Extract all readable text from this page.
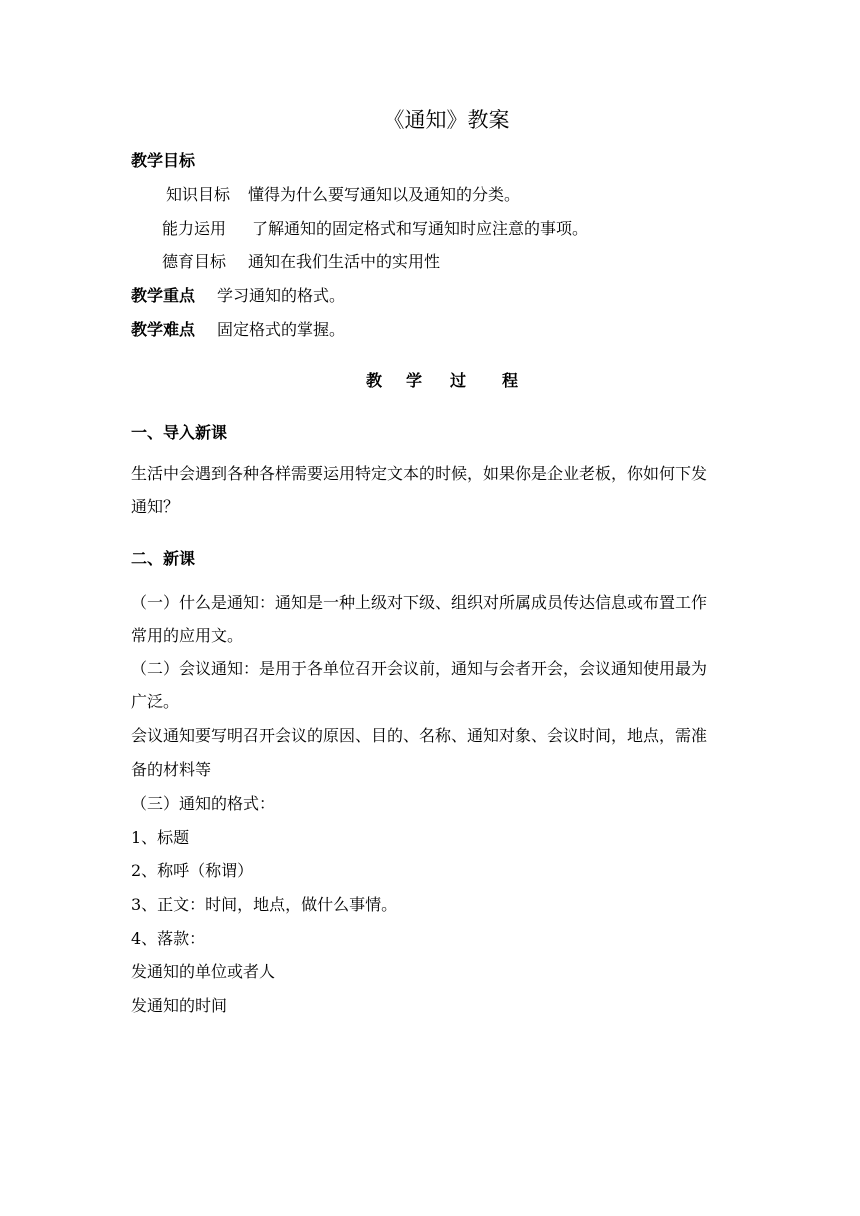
《通知》教案
教学目标
知识目标 懂得为什么要写通知以及通知的分类。
能力运用 了解通知的固定格式和写通知时应注意的事项。
德育目标 通知在我们生活中的实用性
教学重点 学习通知的格式。
教学难点 固定格式的掌握。
教 学 过 程
一、导入新课
生活中会遇到各种各样需要运用特定文本的时候，如果你是企业老板，你如何下发
通知？
二、新课
（一）什么是通知：通知是一种上级对下级、组织对所属成员传达信息或布置工作
常用的应用文。
（二）会议通知：是用于各单位召开会议前，通知与会者开会，会议通知使用最为
广泛。
会议通知要写明召开会议的原因、目的、名称、通知对象、会议时间，地点，需准
备的材料等
（三）通知的格式：
1、标题
2、称呼（称谓）
3、正文：时间，地点，做什么事情。
4、落款：
发通知的单位或者人
发通知的时间
